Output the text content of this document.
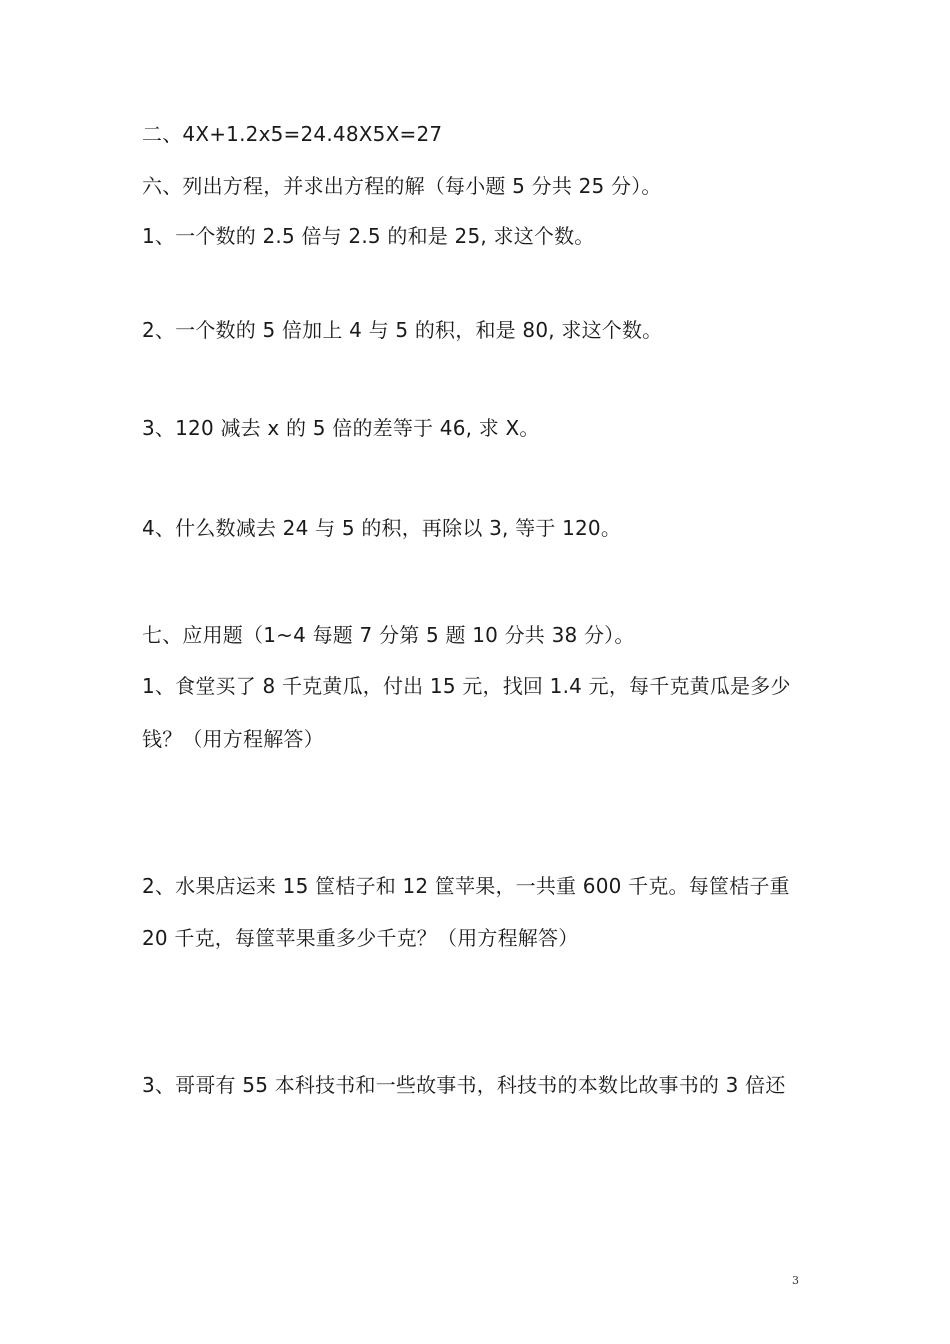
二、4X+1.2x5=24.48X5X=27
六、列出方程，并求出方程的解（每小题 5 分共 25 分）。
1、一个数的 2.5 倍与 2.5 的和是 25, 求这个数。
2、一个数的 5 倍加上 4 与 5 的积，和是 80, 求这个数。
3、120 减去 x 的 5 倍的差等于 46, 求 X。
4、什么数减去 24 与 5 的积，再除以 3, 等于 120。
七、应用题（1~4 每题 7 分第 5 题 10 分共 38 分）。
1、食堂买了 8 千克黄瓜，付出 15 元，找回 1.4 元，每千克黄瓜是多少
钱？（用方程解答）
2、水果店运来 15 筐桔子和 12 筐苹果，一共重 600 千克。每筐桔子重
20 千克，每筐苹果重多少千克？（用方程解答）
3、哥哥有 55 本科技书和一些故事书，科技书的本数比故事书的 3 倍还
3
